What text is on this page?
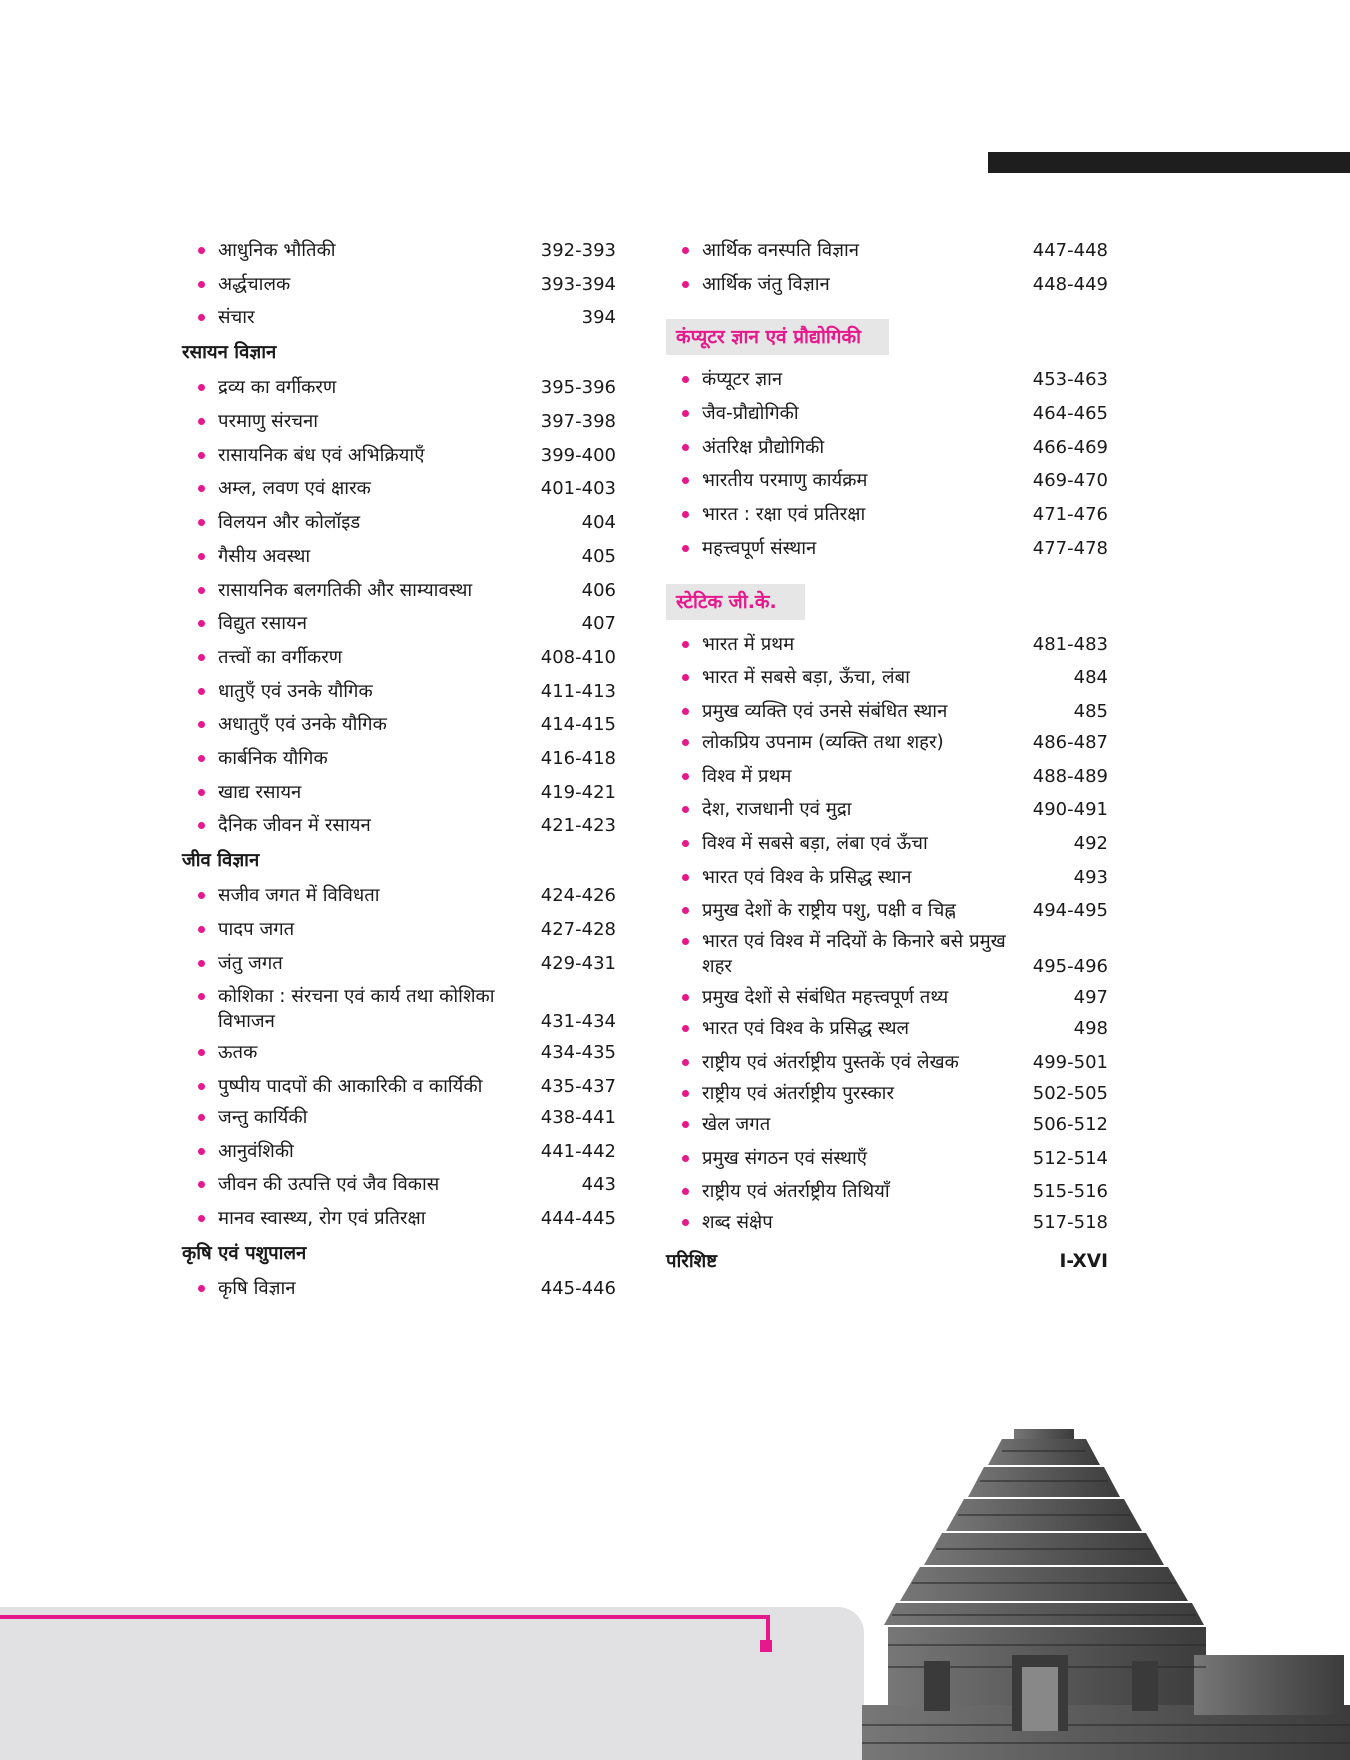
आधुनिक भौतिकी	392-393
अर्द्धचालक	393-394
संचार	394
रसायन विज्ञान
द्रव्य का वर्गीकरण	395-396
परमाणु संरचना	397-398
रासायनिक बंध एवं अभिक्रियाएँ	399-400
अम्ल, लवण एवं क्षारक	401-403
विलयन और कोलॉइड	404
गैसीय अवस्था	405
रासायनिक बलगतिकी और साम्यावस्था	406
विद्युत रसायन	407
तत्त्वों का वर्गीकरण	408-410
धातुएँ एवं उनके यौगिक	411-413
अधातुएँ एवं उनके यौगिक	414-415
कार्बनिक यौगिक	416-418
खाद्य रसायन	419-421
दैनिक जीवन में रसायन	421-423
जीव विज्ञान
सजीव जगत में विविधता	424-426
पादप जगत	427-428
जंतु जगत	429-431
कोशिका : संरचना एवं कार्य तथा कोशिका विभाजन	431-434
ऊतक	434-435
पुष्पीय पादपों की आकारिकी व कार्यिकी	435-437
जन्तु कार्यिकी	438-441
आनुवंशिकी	441-442
जीवन की उत्पत्ति एवं जैव विकास	443
मानव स्वास्थ्य, रोग एवं प्रतिरक्षा	444-445
कृषि एवं पशुपालन
कृषि विज्ञान	445-446
आर्थिक वनस्पति विज्ञान	447-448
आर्थिक जंतु विज्ञान	448-449
कंप्यूटर ज्ञान एवं प्रौद्योगिकी
कंप्यूटर ज्ञान	453-463
जैव-प्रौद्योगिकी	464-465
अंतरिक्ष प्रौद्योगिकी	466-469
भारतीय परमाणु कार्यक्रम	469-470
भारत : रक्षा एवं प्रतिरक्षा	471-476
महत्त्वपूर्ण संस्थान	477-478
स्टेटिक जी.के.
भारत में प्रथम	481-483
भारत में सबसे बड़ा, ऊँचा, लंबा	484
प्रमुख व्यक्ति एवं उनसे संबंधित स्थान	485
लोकप्रिय उपनाम (व्यक्ति तथा शहर)	486-487
विश्व में प्रथम	488-489
देश, राजधानी एवं मुद्रा	490-491
विश्व में सबसे बड़ा, लंबा एवं ऊँचा	492
भारत एवं विश्व के प्रसिद्ध स्थान	493
प्रमुख देशों के राष्ट्रीय पशु, पक्षी व चिह्न	494-495
भारत एवं विश्व में नदियों के किनारे बसे प्रमुख शहर	495-496
प्रमुख देशों से संबंधित महत्त्वपूर्ण तथ्य	497
भारत एवं विश्व के प्रसिद्ध स्थल	498
राष्ट्रीय एवं अंतर्राष्ट्रीय पुस्तकें एवं लेखक	499-501
राष्ट्रीय एवं अंतर्राष्ट्रीय पुरस्कार	502-505
खेल जगत	506-512
प्रमुख संगठन एवं संस्थाएँ	512-514
राष्ट्रीय एवं अंतर्राष्ट्रीय तिथियाँ	515-516
शब्द संक्षेप	517-518
परिशिष्ट	I-XVI
